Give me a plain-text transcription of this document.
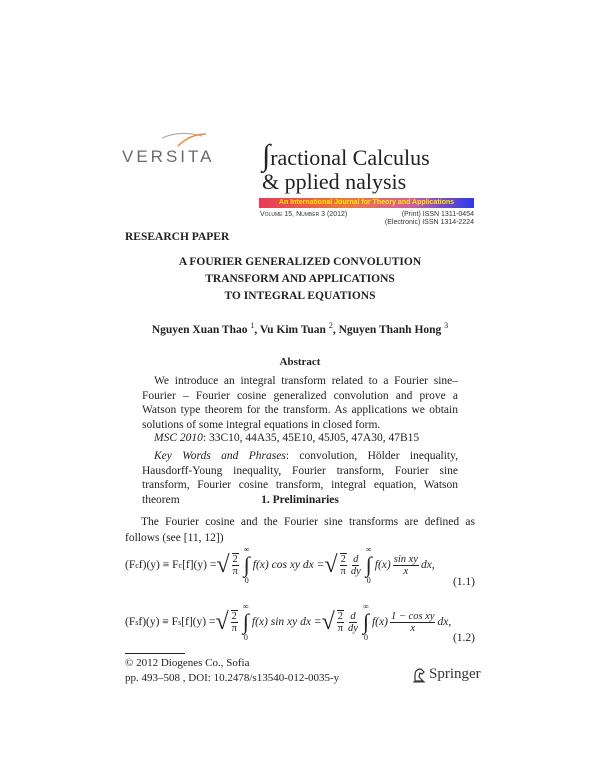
VERSITA ∫ractional Calculus
& pplied nalysis
An International Journal for Theory and Applications
Volume 15, Number 3 (2012)	(Print) ISSN 1311-0454
(Electronic) ISSN 1314-2224
RESEARCH PAPER
A FOURIER GENERALIZED CONVOLUTION
TRANSFORM AND APPLICATIONS
TO INTEGRAL EQUATIONS
Nguyen Xuan Thao $^1$, Vu Kim Tuan $^2$, Nguyen Thanh Hong $^3$
Abstract
We introduce an integral transform related to a Fourier sine– Fourier – Fourier cosine generalized convolution and prove a Watson type theorem for the transform. As applications we obtain solutions of some integral equations in closed form.
MSC 2010: 33C10, 44A35, 45E10, 45J05, 47A30, 47B15
Key Words and Phrases: convolution, Hölder inequality, Hausdorff-Young inequality, Fourier transform, Fourier sine transform, Fourier cosine transform, integral equation, Watson theorem	1. Preliminaries
The Fourier cosine and the Fourier sine transforms are defined as follows (see [11, 12])
(F c f)(y) ≡ F c [f](y) = √ $\frac{2}{\pi}$
∞
∫
0
f(x) cos xy dx = √ $\frac{2}{\pi} \frac{d}{dy}$
∞
∫
0
$f(x) \frac{\text{sin xy}}{x}$ dx,
(1.1)
(F s f)(y) ≡ F s [f](y) = √ $\frac{2}{\pi}$
∞
∫
0
f(x) sin xy dx = √ $\frac{2}{\pi} \frac{d}{dy}$
∞
∫
0
$f(x) \frac{\text{1 − cos xy}}{x}$ dx,
(1.2)
© 2012 Diogenes Co., Sofia
pp. 493–508 , DOI: 10.2478/s13540-012-0035-y	Springer
